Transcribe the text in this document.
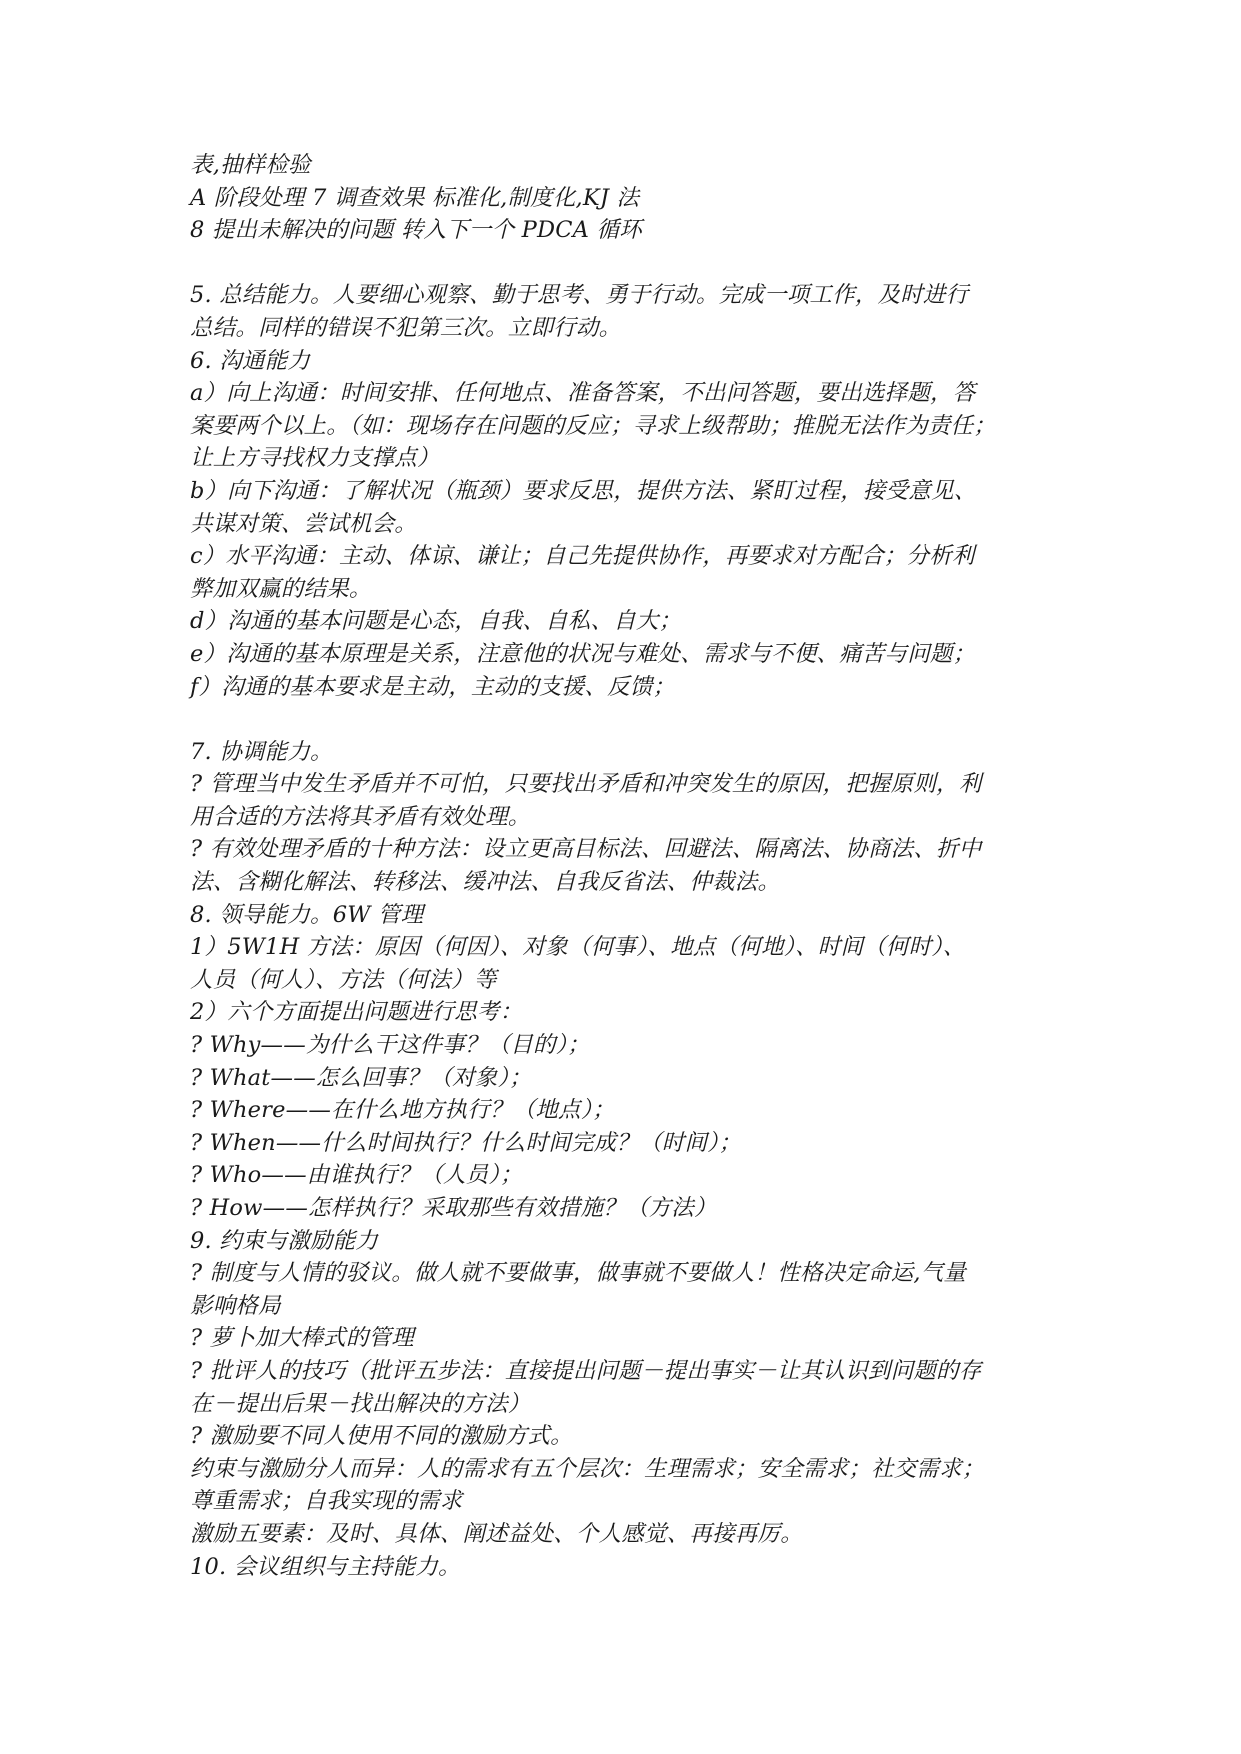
表,抽样检验
A 阶段处理 7 调查效果 标准化,制度化,KJ 法
8 提出未解决的问题 转入下一个 PDCA 循环
5. 总结能力。人要细心观察、勤于思考、勇于行动。完成一项工作，及时进行
总结。同样的错误不犯第三次。立即行动。
6. 沟通能力
a）向上沟通：时间安排、任何地点、准备答案，不出问答题，要出选择题，答
案要两个以上。（如：现场存在问题的反应；寻求上级帮助；推脱无法作为责任；
让上方寻找权力支撑点）
b）向下沟通：了解状况（瓶颈）要求反思，提供方法、紧盯过程，接受意见、
共谋对策、尝试机会。
c）水平沟通：主动、体谅、谦让；自己先提供协作，再要求对方配合；分析利
弊加双赢的结果。
d）沟通的基本问题是心态，自我、自私、自大；
e）沟通的基本原理是关系，注意他的状况与难处、需求与不便、痛苦与问题；
f）沟通的基本要求是主动，主动的支援、反馈；
7. 协调能力。
? 管理当中发生矛盾并不可怕，只要找出矛盾和冲突发生的原因，把握原则，利
用合适的方法将其矛盾有效处理。
? 有效处理矛盾的十种方法：设立更高目标法、回避法、隔离法、协商法、折中
法、含糊化解法、转移法、缓冲法、自我反省法、仲裁法。
8. 领导能力。6W 管理
1）5W1H 方法：原因（何因）、对象（何事）、地点（何地）、时间（何时）、
人员（何人）、方法（何法）等
2）六个方面提出问题进行思考：
? Why——为什么干这件事？（目的）；
? What——怎么回事？（对象）；
? Where——在什么地方执行？（地点）；
? When——什么时间执行？什么时间完成？（时间）；
? Who——由谁执行？（人员）；
? How——怎样执行？采取那些有效措施？（方法）
9. 约束与激励能力
? 制度与人情的驳议。做人就不要做事，做事就不要做人！性格决定命运,气量
影响格局
? 萝卜加大棒式的管理
? 批评人的技巧（批评五步法：直接提出问题－提出事实－让其认识到问题的存
在－提出后果－找出解决的方法）
? 激励要不同人使用不同的激励方式。
约束与激励分人而异：人的需求有五个层次：生理需求；安全需求；社交需求；
尊重需求；自我实现的需求
激励五要素：及时、具体、阐述益处、个人感觉、再接再厉。
10. 会议组织与主持能力。
